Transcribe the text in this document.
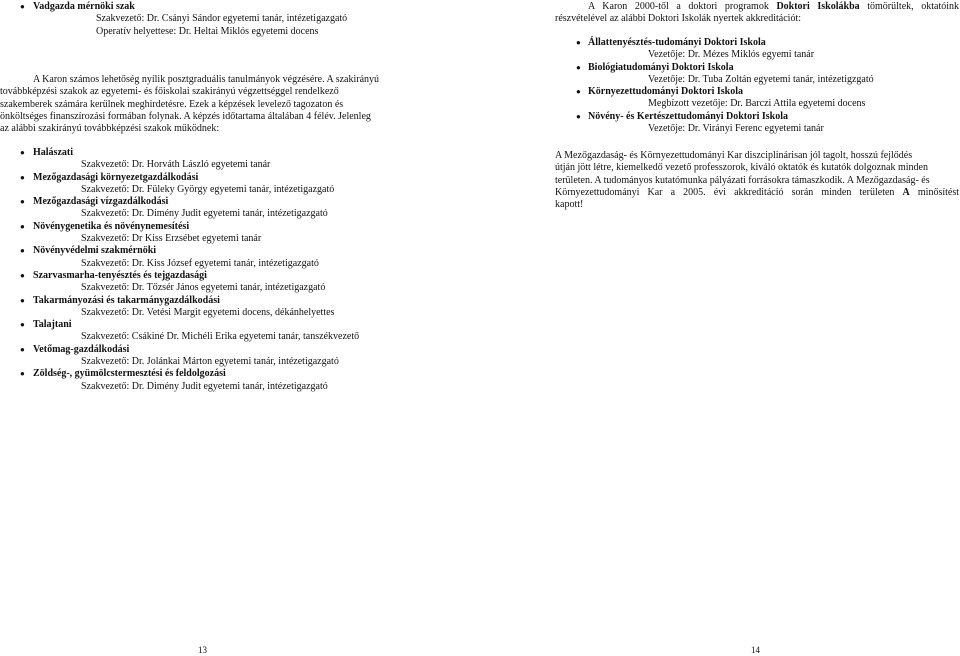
● Vadgazda mérnöki szak
Szakvezető: Dr. Csányi Sándor egyetemi tanár, intézetigazgató
Operatív helyettese: Dr. Heltai Miklós egyetemi docens

A Karon számos lehetőség nyílik posztgraduális tanulmányok végzésére. A szakirányú

továbbképzési szakok az egyetemi- és főiskolai szakirányú végzettséggel rendelkező

szakemberek számára kerülnek meghirdetésre. Ezek a képzések levelező tagozaton és

önköltséges finanszírozási formában folynak. A képzés időtartama általában 4 félév. Jelenleg

az alábbi szakirányú továbbképzési szakok működnek:

● Halászati
Szakvezető: Dr. Horváth László egyetemi tanár
● Mezőgazdasági környezetgazdálkodási
Szakvezető: Dr. Füleky György egyetemi tanár, intézetigazgató
● Mezőgazdasági vízgazdálkodási
Szakvezető: Dr. Dimény Judit egyetemi tanár, intézetigazgató
● Növénygenetika és növénynemesítési
Szakvezető: Dr Kiss Erzsébet egyetemi tanár
● Növényvédelmi szakmérnöki
Szakvezető: Dr. Kiss József egyetemi tanár, intézetigazgató
● Szarvasmarha-tenyésztés és tejgazdasági
Szakvezető: Dr. Tőzsér János egyetemi tanár, intézetigazgató
● Takarmányozási és takarmánygazdálkodási
Szakvezető: Dr. Vetési Margit egyetemi docens, dékánhelyettes
● Talajtani
Szakvezető: Csákiné Dr. Michéli Erika egyetemi tanár, tanszékvezető
● Vetőmag-gazdálkodási
Szakvezető: Dr. Jolánkai Márton egyetemi tanár, intézetigazgató
● Zöldség-, gyümölcstermesztési és feldolgozási
Szakvezető: Dr. Dimény Judit egyetemi tanár, intézetigazgató
13

A Karon 2000-től a doktori programok Doktori Iskolákba tömörültek, oktatóink részvételével az alábbi Doktori Iskolák nyertek akkreditációt:

● Állattenyésztés-tudományi Doktori Iskola
Vezetője: Dr. Mézes Miklós egyemi tanár
● Biológiatudományi Doktori Iskola
Vezetője: Dr. Tuba Zoltán egyetemi tanár, intézetigzgató
● Környezettudományi Doktori Iskola
Megbízott vezetője: Dr. Barczi Attila egyetemi docens
● Növény- és Kertészettudományi Doktori Iskola
Vezetője: Dr. Virányi Ferenc egyetemi tanár

A Mezőgazdaság- és Környezettudományi Kar diszciplinárisan jól tagolt, hosszú fejlődés

útján jött létre, kiemelkedő vezető professzorok, kiváló oktatók és kutatók dolgoznak minden

területen. A tudományos kutatómunka pályázati forrásokra támaszkodik. A Mezőgazdaság- és

Környezettudományi Kar a 2005. évi akkreditáció során minden területen A minősítést

kapott!

14
